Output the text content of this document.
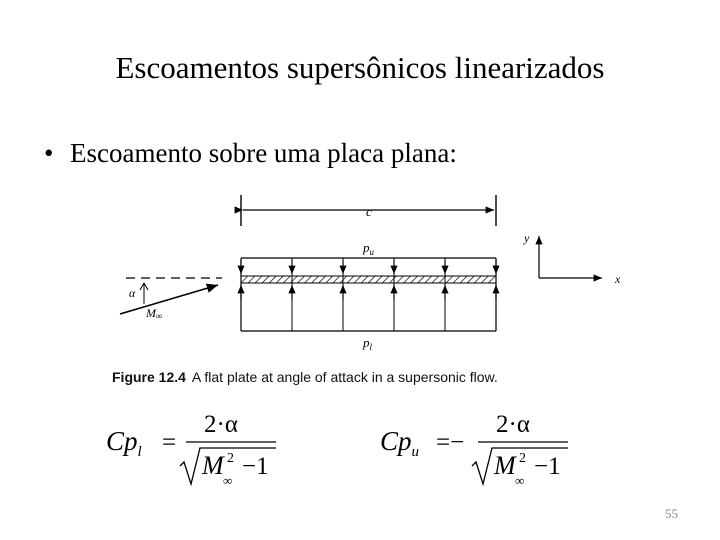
Escoamentos supersônicos linearizados
• Escoamento sobre uma placa plana:
c
$p_u$
$p_l$
α
M∞
y
x
Figure 12.4 A flat plate at angle of attack in a supersonic flow.
$Cp_l$ =
2·α
M 2
∞
−1
$Cp_u$ =−
2·α
M 2
∞
−1
55
